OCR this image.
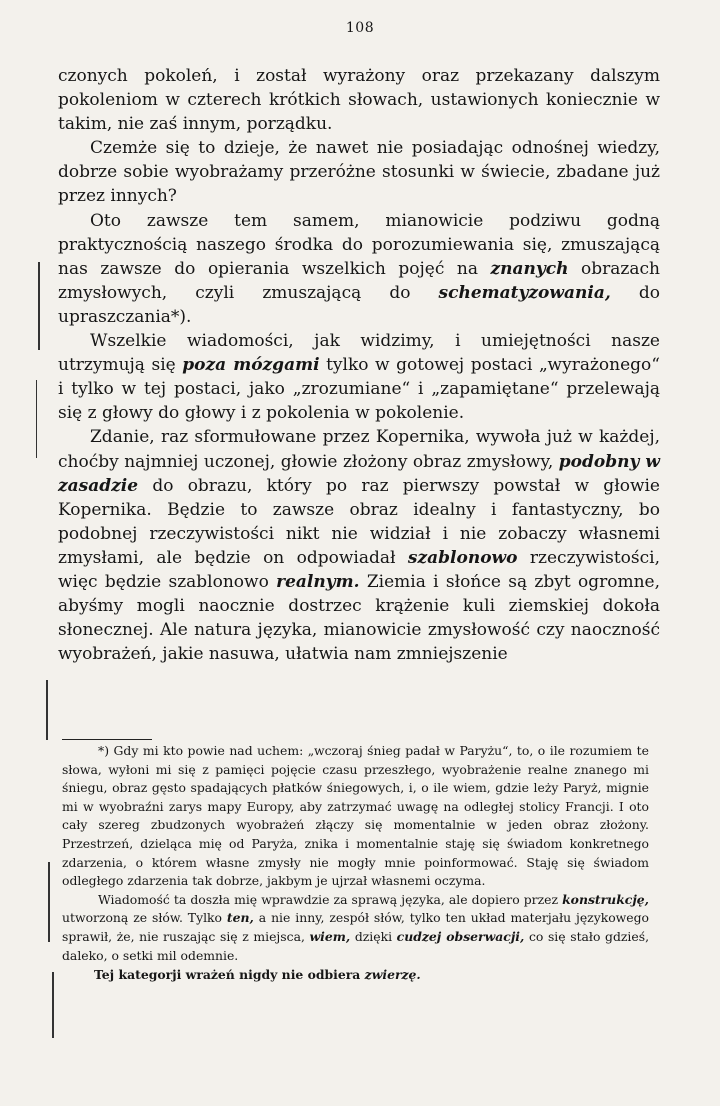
108

czonych pokoleń, i został wyrażony oraz przekazany dalszym pokoleniom w czterech krótkich słowach, ustawionych koniecznie w takim, nie zaś innym, porządku.

Czemże się to dzieje, że nawet nie posiadając odnośnej wiedzy, dobrze sobie wyobrażamy przeróżne stosunki w świecie, zbadane już przez innych?

Oto zawsze tem samem, mianowicie podziwu godną praktycznością naszego środka do porozumiewania się, zmuszającą nas zawsze do opierania wszelkich pojęć na znanych obrazach zmysłowych, czyli zmuszającą do schematyzowania, do upraszczania*).

Wszelkie wiadomości, jak widzimy, i umiejętności nasze utrzymują się poza mózgami tylko w gotowej postaci „wyrażonego“ i tylko w tej postaci, jako „zrozumiane“ i „zapamiętane“ przelewają się z głowy do głowy i z pokolenia w pokolenie.

Zdanie, raz sformułowane przez Kopernika, wywoła już w każdej, choćby najmniej uczonej, głowie złożony obraz zmysłowy, podobny w zasadzie do obrazu, który po raz pierwszy powstał w głowie Kopernika. Będzie to zawsze obraz idealny i fantastyczny, bo podobnej rzeczywistości nikt nie widział i nie zobaczy własnemi zmysłami, ale będzie on odpowiadał szablonowo rzeczywistości, więc będzie szablonowo realnym. Ziemia i słońce są zbyt ogromne, abyśmy mogli naocznie dostrzec krążenie kuli ziemskiej dokoła słonecznej. Ale natura języka, mianowicie zmysłowość czy naoczność wyobrażeń, jakie nasuwa, ułatwia nam zmniejszenie

*) Gdy mi kto powie nad uchem: „wczoraj śnieg padał w Paryżu“, to, o ile rozumiem te słowa, wyłoni mi się z pamięci pojęcie czasu przeszłego, wyobrażenie realne znanego mi śniegu, obraz gęsto spadających płatków śniegowych, i, o ile wiem, gdzie leży Paryż, mignie mi w wyobraźni zarys mapy Europy, aby zatrzymać uwagę na odległej stolicy Francji. I oto cały szereg zbudzonych wyobrażeń złączy się momentalnie w jeden obraz złożony. Przestrzeń, dzieląca mię od Paryża, znika i momentalnie staję się świadom konkretnego zdarzenia, o którem własne zmysły nie mogły mnie poinformować. Staję się świadom odległego zdarzenia tak dobrze, jakbym je ujrzał własnemi oczyma.

Wiadomość ta doszła mię wprawdzie za sprawą języka, ale dopiero przez konstrukcję, utworzoną ze słów. Tylko ten, a nie inny, zespół słów, tylko ten układ materjału językowego sprawił, że, nie ruszając się z miejsca, wiem, dzięki cudzej obserwacji, co się stało gdzieś, daleko, o setki mil odemnie.

Tej kategorji wrażeń nigdy nie odbiera zwierzę.
